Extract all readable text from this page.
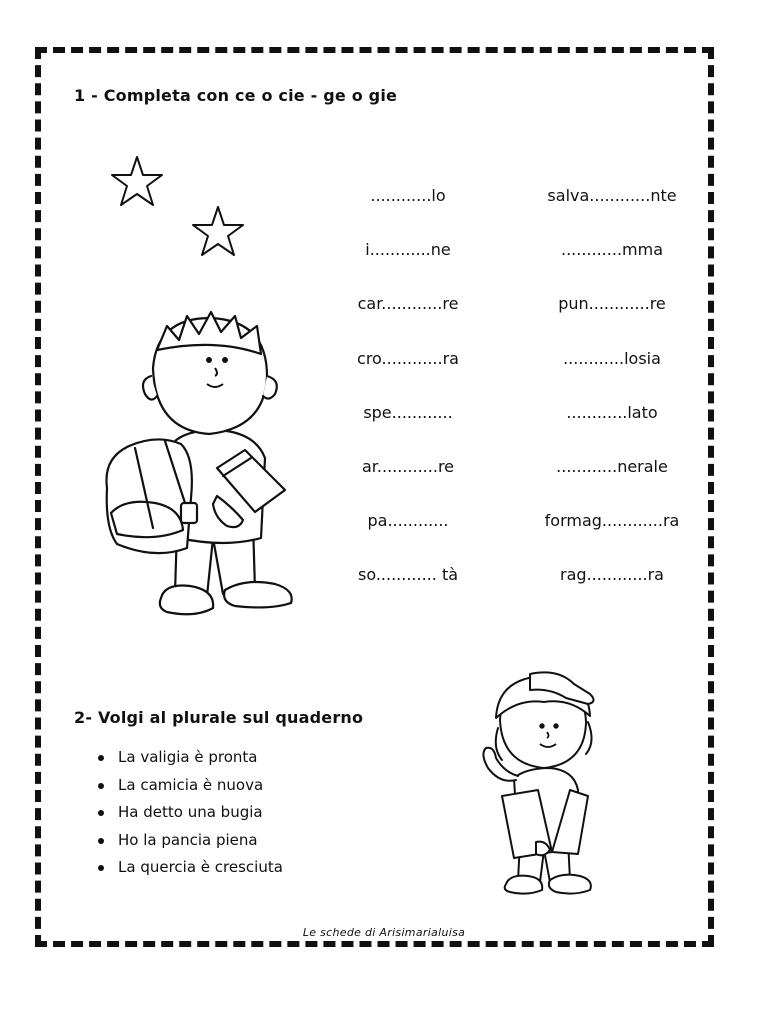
1 - Completa con ce o cie - ge o gie
............lo
i............ne
car............re
cro............ra
spe............
ar............re
pa............
so............ tà
salva............nte
............mma
pun............re
............losia
............lato
............nerale
formag............ra
rag............ra
2- Volgi al plurale sul quaderno
La valigia è pronta
La camicia è nuova
Ha detto una bugia
Ho la pancia piena
La quercia è cresciuta
Le schede di Arisimarialuisa
